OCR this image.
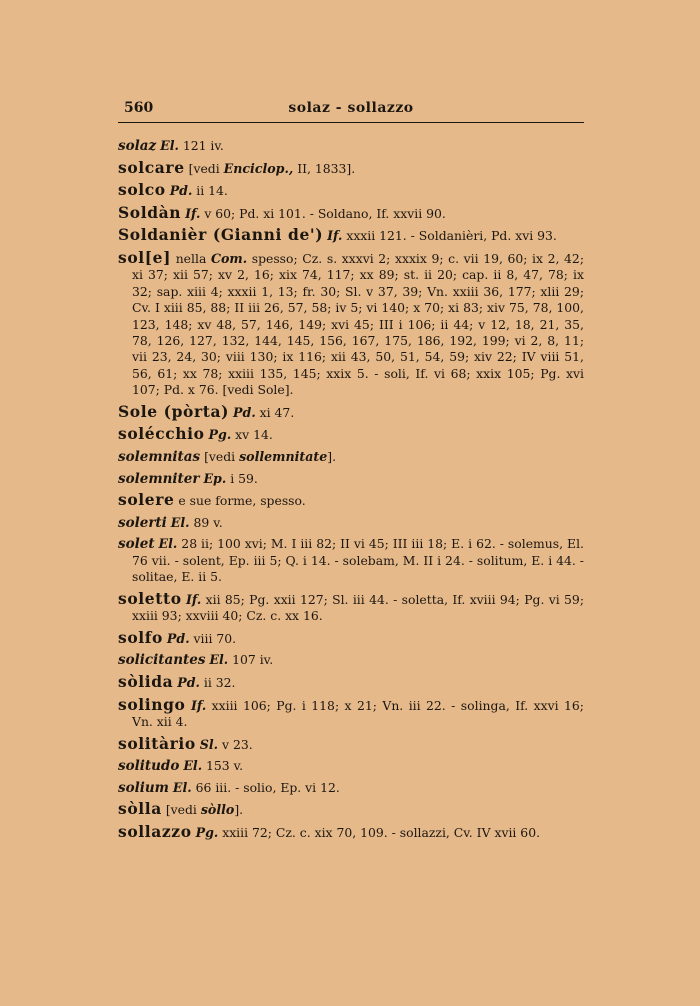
560	solaz - sollazzo
solaz El. 121 iv.
solcare [vedi Enciclop., II, 1833].
solco Pd. ii 14.
Soldàn If. v 60; Pd. xi 101. - Soldano, If. xxvii 90.
Soldanièr (Gianni de') If. xxxii 121. - Soldanièri, Pd. xvi 93.
sol[e] nella Com. spesso; Cz. s. xxxvi 2; xxxix 9; c. vii 19, 60; ix 2, 42; xi 37; xii 57; xv 2, 16; xix 74, 117; xx 89; st. ii 20; cap. ii 8, 47, 78; ix 32; sap. xiii 4; xxxii 1, 13; fr. 30; Sl. v 37, 39; Vn. xxiii 36, 177; xlii 29; Cv. I xiii 85, 88; II iii 26, 57, 58; iv 5; vi 140; x 70; xi 83; xiv 75, 78, 100, 123, 148; xv 48, 57, 146, 149; xvi 45; III i 106; ii 44; v 12, 18, 21, 35, 78, 126, 127, 132, 144, 145, 156, 167, 175, 186, 192, 199; vi 2, 8, 11; vii 23, 24, 30; viii 130; ix 116; xii 43, 50, 51, 54, 59; xiv 22; IV viii 51, 56, 61; xx 78; xxiii 135, 145; xxix 5. - soli, If. vi 68; xxix 105; Pg. xvi 107; Pd. x 76. [vedi Sole].
Sole (pòrta) Pd. xi 47.
solécchio Pg. xv 14.
solemnitas [vedi sollemnitate].
solemniter Ep. i 59.
solere e sue forme, spesso.
solerti El. 89 v.
solet El. 28 ii; 100 xvi; M. I iii 82; II vi 45; III iii 18; E. i 62. - solemus, El. 76 vii. - solent, Ep. iii 5; Q. i 14. - solebam, M. II i 24. - solitum, E. i 44. - solitae, E. ii 5.
soletto If. xii 85; Pg. xxii 127; Sl. iii 44. - soletta, If. xviii 94; Pg. vi 59; xxiii 93; xxviii 40; Cz. c. xx 16.
solfo Pd. viii 70.
solicitantes El. 107 iv.
sòlida Pd. ii 32.
solingo If. xxiii 106; Pg. i 118; x 21; Vn. iii 22. - solinga, If. xxvi 16; Vn. xii 4.
solitàrio Sl. v 23.
solitudo El. 153 v.
solium El. 66 iii. - solio, Ep. vi 12.
sòlla [vedi sòllo].
sollazzo Pg. xxiii 72; Cz. c. xix 70, 109. - sollazzi, Cv. IV xvii 60.
